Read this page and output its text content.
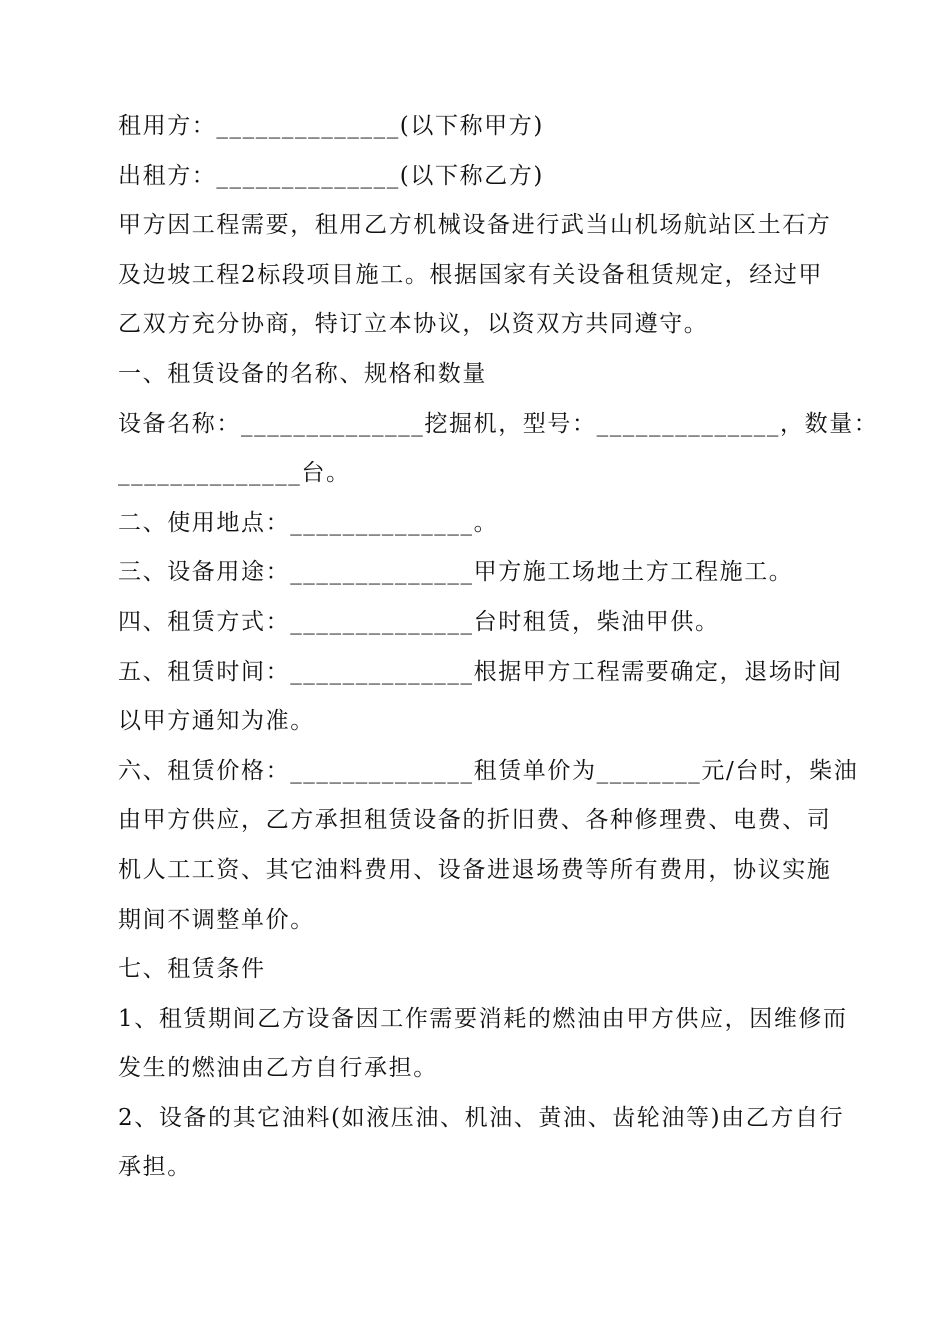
租用方：______________(以下称甲方)

出租方：______________(以下称乙方)

甲方因工程需要，租用乙方机械设备进行武当山机场航站区土石方

及边坡工程2标段项目施工。根据国家有关设备租赁规定，经过甲

乙双方充分协商，特订立本协议，以资双方共同遵守。

一、租赁设备的名称、规格和数量

设备名称：______________挖掘机，型号：______________，数量：

______________台。

二、使用地点：______________。

三、设备用途：______________甲方施工场地土方工程施工。

四、租赁方式：______________台时租赁，柴油甲供。

五、租赁时间：______________根据甲方工程需要确定，退场时间

以甲方通知为准。

六、租赁价格：______________租赁单价为________元/台时，柴油

由甲方供应，乙方承担租赁设备的折旧费、各种修理费、电费、司

机人工工资、其它油料费用、设备进退场费等所有费用，协议实施

期间不调整单价。

七、租赁条件

1、租赁期间乙方设备因工作需要消耗的燃油由甲方供应，因维修而

发生的燃油由乙方自行承担。

2、设备的其它油料(如液压油、机油、黄油、齿轮油等)由乙方自行

承担。
